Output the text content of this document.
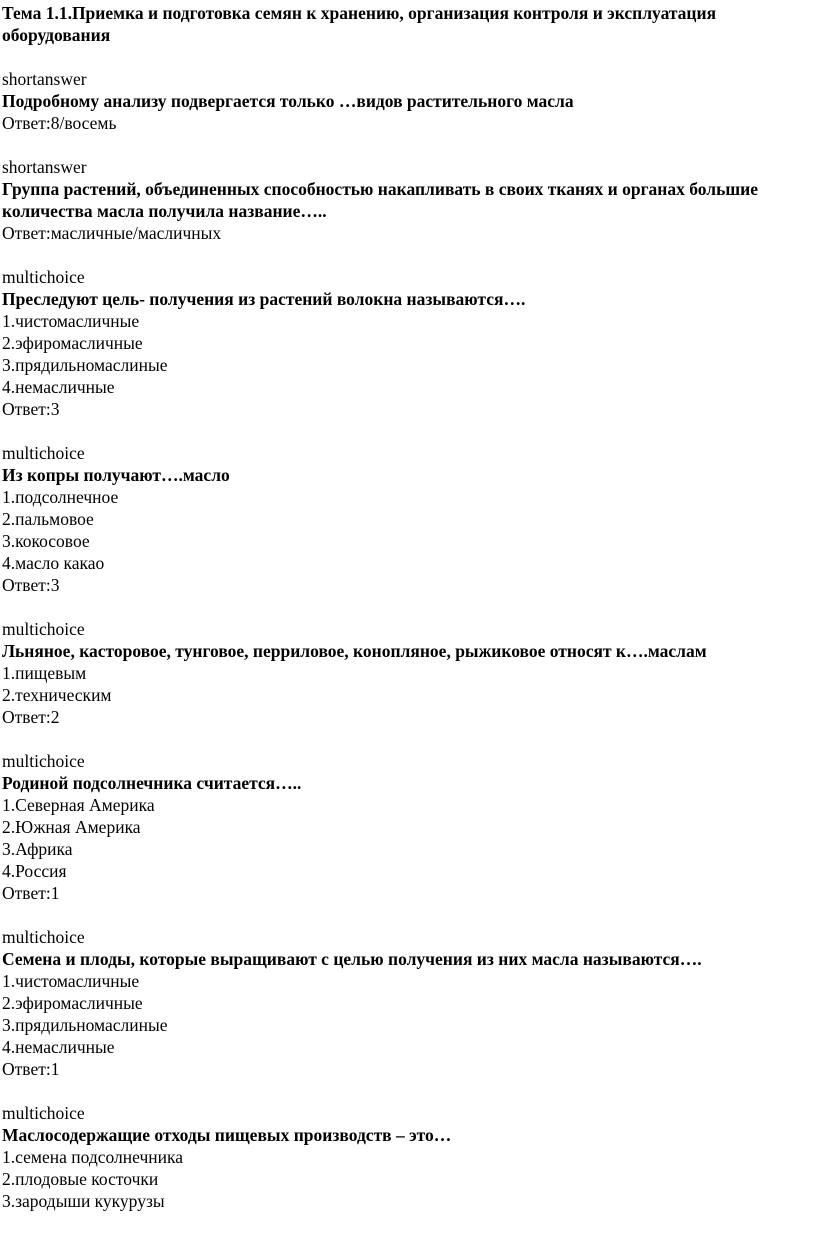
Тема 1.1.Приемка и подготовка семян к хранению, организация контроля и эксплуатация оборудования
shortanswer
Подробному анализу подвергается только …видов растительного масла
Ответ:8/восемь
shortanswer
Группа растений, объединенных способностью накапливать в своих тканях и органах большие количества масла получила название…..
Ответ:масличные/масличных
multichoice
Преследуют цель- получения из растений волокна называются….
1.чистомасличные
2.эфиромасличные
3.прядильномаслиные
4.немасличные
Ответ:3
multichoice
Из копры получают….масло
1.подсолнечное
2.пальмовое
3.кокосовое
4.масло какао
Ответ:3
multichoice
Льняное, касторовое, тунговое, перриловое, конопляное, рыжиковое относят к….маслам
1.пищевым
2.техническим
Ответ:2
multichoice
Родиной подсолнечника считается…..
1.Северная Америка
2.Южная Америка
3.Африка
4.Россия
Ответ:1
multichoice
Семена и плоды, которые выращивают с целью получения из них масла называются….
1.чистомасличные
2.эфиромасличные
3.прядильномаслиные
4.немасличные
Ответ:1
multichoice
Маслосодержащие отходы пищевых производств – это…
1.семена подсолнечника
2.плодовые косточки
3.зародыши кукурузы
